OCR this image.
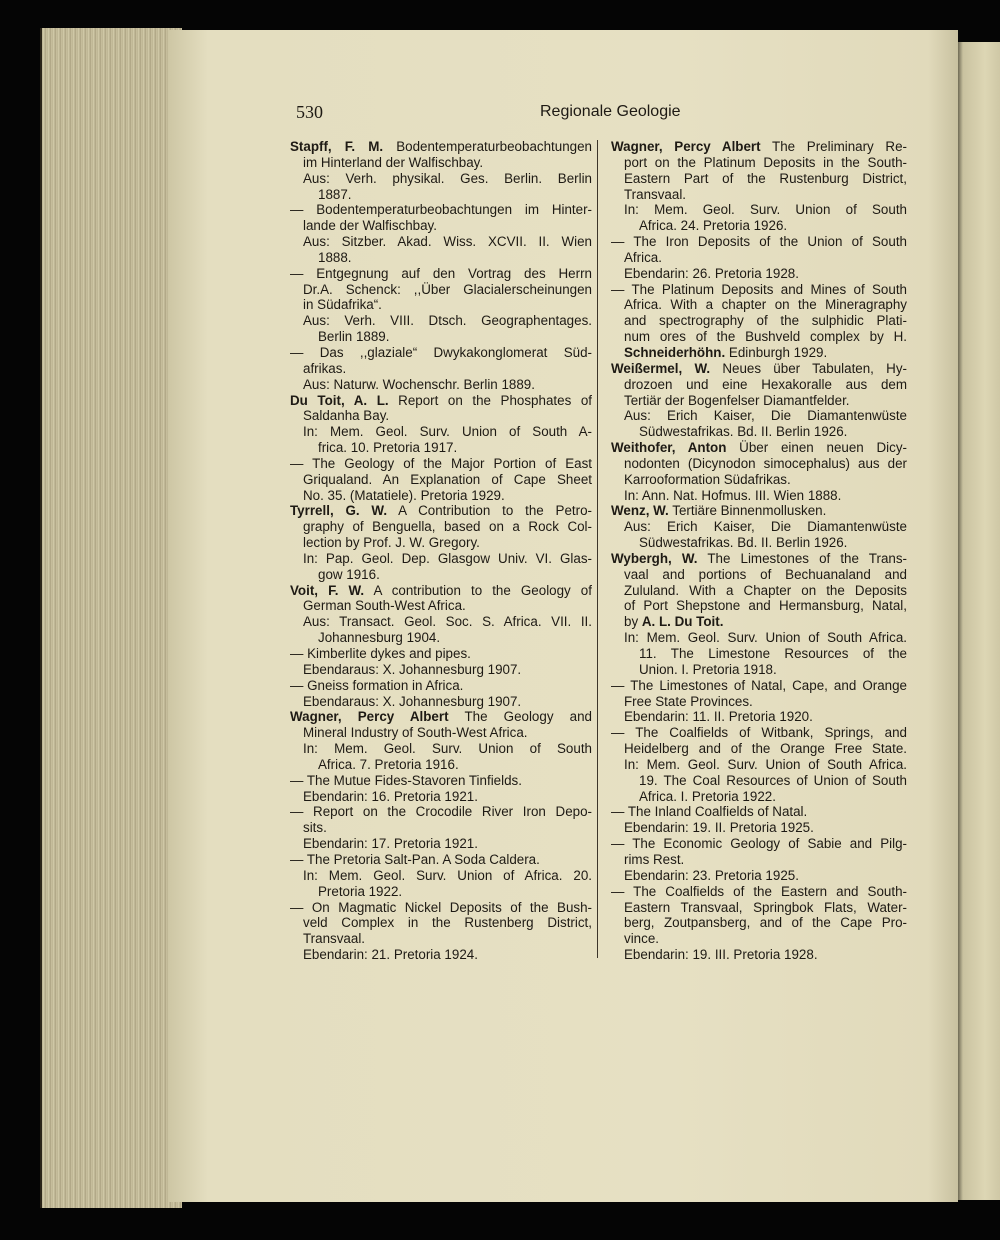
530	Regionale Geologie
Stapff, F. M. Bodentemperaturbeobachtungen
im Hinterland der Walfischbay.
Aus: Verh. physikal. Ges. Berlin. Berlin
1887.
— Bodentemperaturbeobachtungen im Hinter-
lande der Walfischbay.
Aus: Sitzber. Akad. Wiss. XCVII. II. Wien
1888.
— Entgegnung auf den Vortrag des Herrn
Dr.A. Schenck: ,,Über Glacialerscheinungen
in Südafrika“.
Aus: Verh. VIII. Dtsch. Geographentages.
Berlin 1889.
— Das ,,glaziale“ Dwykakonglomerat Süd-
afrikas.
Aus: Naturw. Wochenschr. Berlin 1889.
Du Toit, A. L. Report on the Phosphates of
Saldanha Bay.
In: Mem. Geol. Surv. Union of South A-
frica. 10. Pretoria 1917.
— The Geology of the Major Portion of East
Griqualand. An Explanation of Cape Sheet
No. 35. (Matatiele). Pretoria 1929.
Tyrrell, G. W. A Contribution to the Petro-
graphy of Benguella, based on a Rock Col-
lection by Prof. J. W. Gregory.
In: Pap. Geol. Dep. Glasgow Univ. VI. Glas-
gow 1916.
Voit, F. W. A contribution to the Geology of
German South-West Africa.
Aus: Transact. Geol. Soc. S. Africa. VII. II.
Johannesburg 1904.
— Kimberlite dykes and pipes.
Ebendaraus: X. Johannesburg 1907.
— Gneiss formation in Africa.
Ebendaraus: X. Johannesburg 1907.
Wagner, Percy Albert The Geology and
Mineral Industry of South-West Africa.
In: Mem. Geol. Surv. Union of South
Africa. 7. Pretoria 1916.
— The Mutue Fides-Stavoren Tinfields.
Ebendarin: 16. Pretoria 1921.
— Report on the Crocodile River Iron Depo-
sits.
Ebendarin: 17. Pretoria 1921.
— The Pretoria Salt-Pan. A Soda Caldera.
In: Mem. Geol. Surv. Union of Africa. 20.
Pretoria 1922.
— On Magmatic Nickel Deposits of the Bush-
veld Complex in the Rustenberg District,
Transvaal.
Ebendarin: 21. Pretoria 1924.
Wagner, Percy Albert The Preliminary Re-
port on the Platinum Deposits in the South-
Eastern Part of the Rustenburg District,
Transvaal.
In: Mem. Geol. Surv. Union of South
Africa. 24. Pretoria 1926.
— The Iron Deposits of the Union of South
Africa.
Ebendarin: 26. Pretoria 1928.
— The Platinum Deposits and Mines of South
Africa. With a chapter on the Mineragraphy
and spectrography of the sulphidic Plati-
num ores of the Bushveld complex by H.
Schneiderhöhn. Edinburgh 1929.
Weißermel, W. Neues über Tabulaten, Hy-
drozoen und eine Hexakoralle aus dem
Tertiär der Bogenfelser Diamantfelder.
Aus: Erich Kaiser, Die Diamantenwüste
Südwestafrikas. Bd. II. Berlin 1926.
Weithofer, Anton Über einen neuen Dicy-
nodonten (Dicynodon simocephalus) aus der
Karrooformation Südafrikas.
In: Ann. Nat. Hofmus. III. Wien 1888.
Wenz, W. Tertiäre Binnenmollusken.
Aus: Erich Kaiser, Die Diamantenwüste
Südwestafrikas. Bd. II. Berlin 1926.
Wybergh, W. The Limestones of the Trans-
vaal and portions of Bechuanaland and
Zululand. With a Chapter on the Deposits
of Port Shepstone and Hermansburg, Natal,
by A. L. Du Toit.
In: Mem. Geol. Surv. Union of South Africa.
11. The Limestone Resources of the
Union. I. Pretoria 1918.
— The Limestones of Natal, Cape, and Orange
Free State Provinces.
Ebendarin: 11. II. Pretoria 1920.
— The Coalfields of Witbank, Springs, and
Heidelberg and of the Orange Free State.
In: Mem. Geol. Surv. Union of South Africa.
19. The Coal Resources of Union of South
Africa. I. Pretoria 1922.
— The Inland Coalfields of Natal.
Ebendarin: 19. II. Pretoria 1925.
— The Economic Geology of Sabie and Pilg-
rims Rest.
Ebendarin: 23. Pretoria 1925.
— The Coalfields of the Eastern and South-
Eastern Transvaal, Springbok Flats, Water-
berg, Zoutpansberg, and of the Cape Pro-
vince.
Ebendarin: 19. III. Pretoria 1928.
